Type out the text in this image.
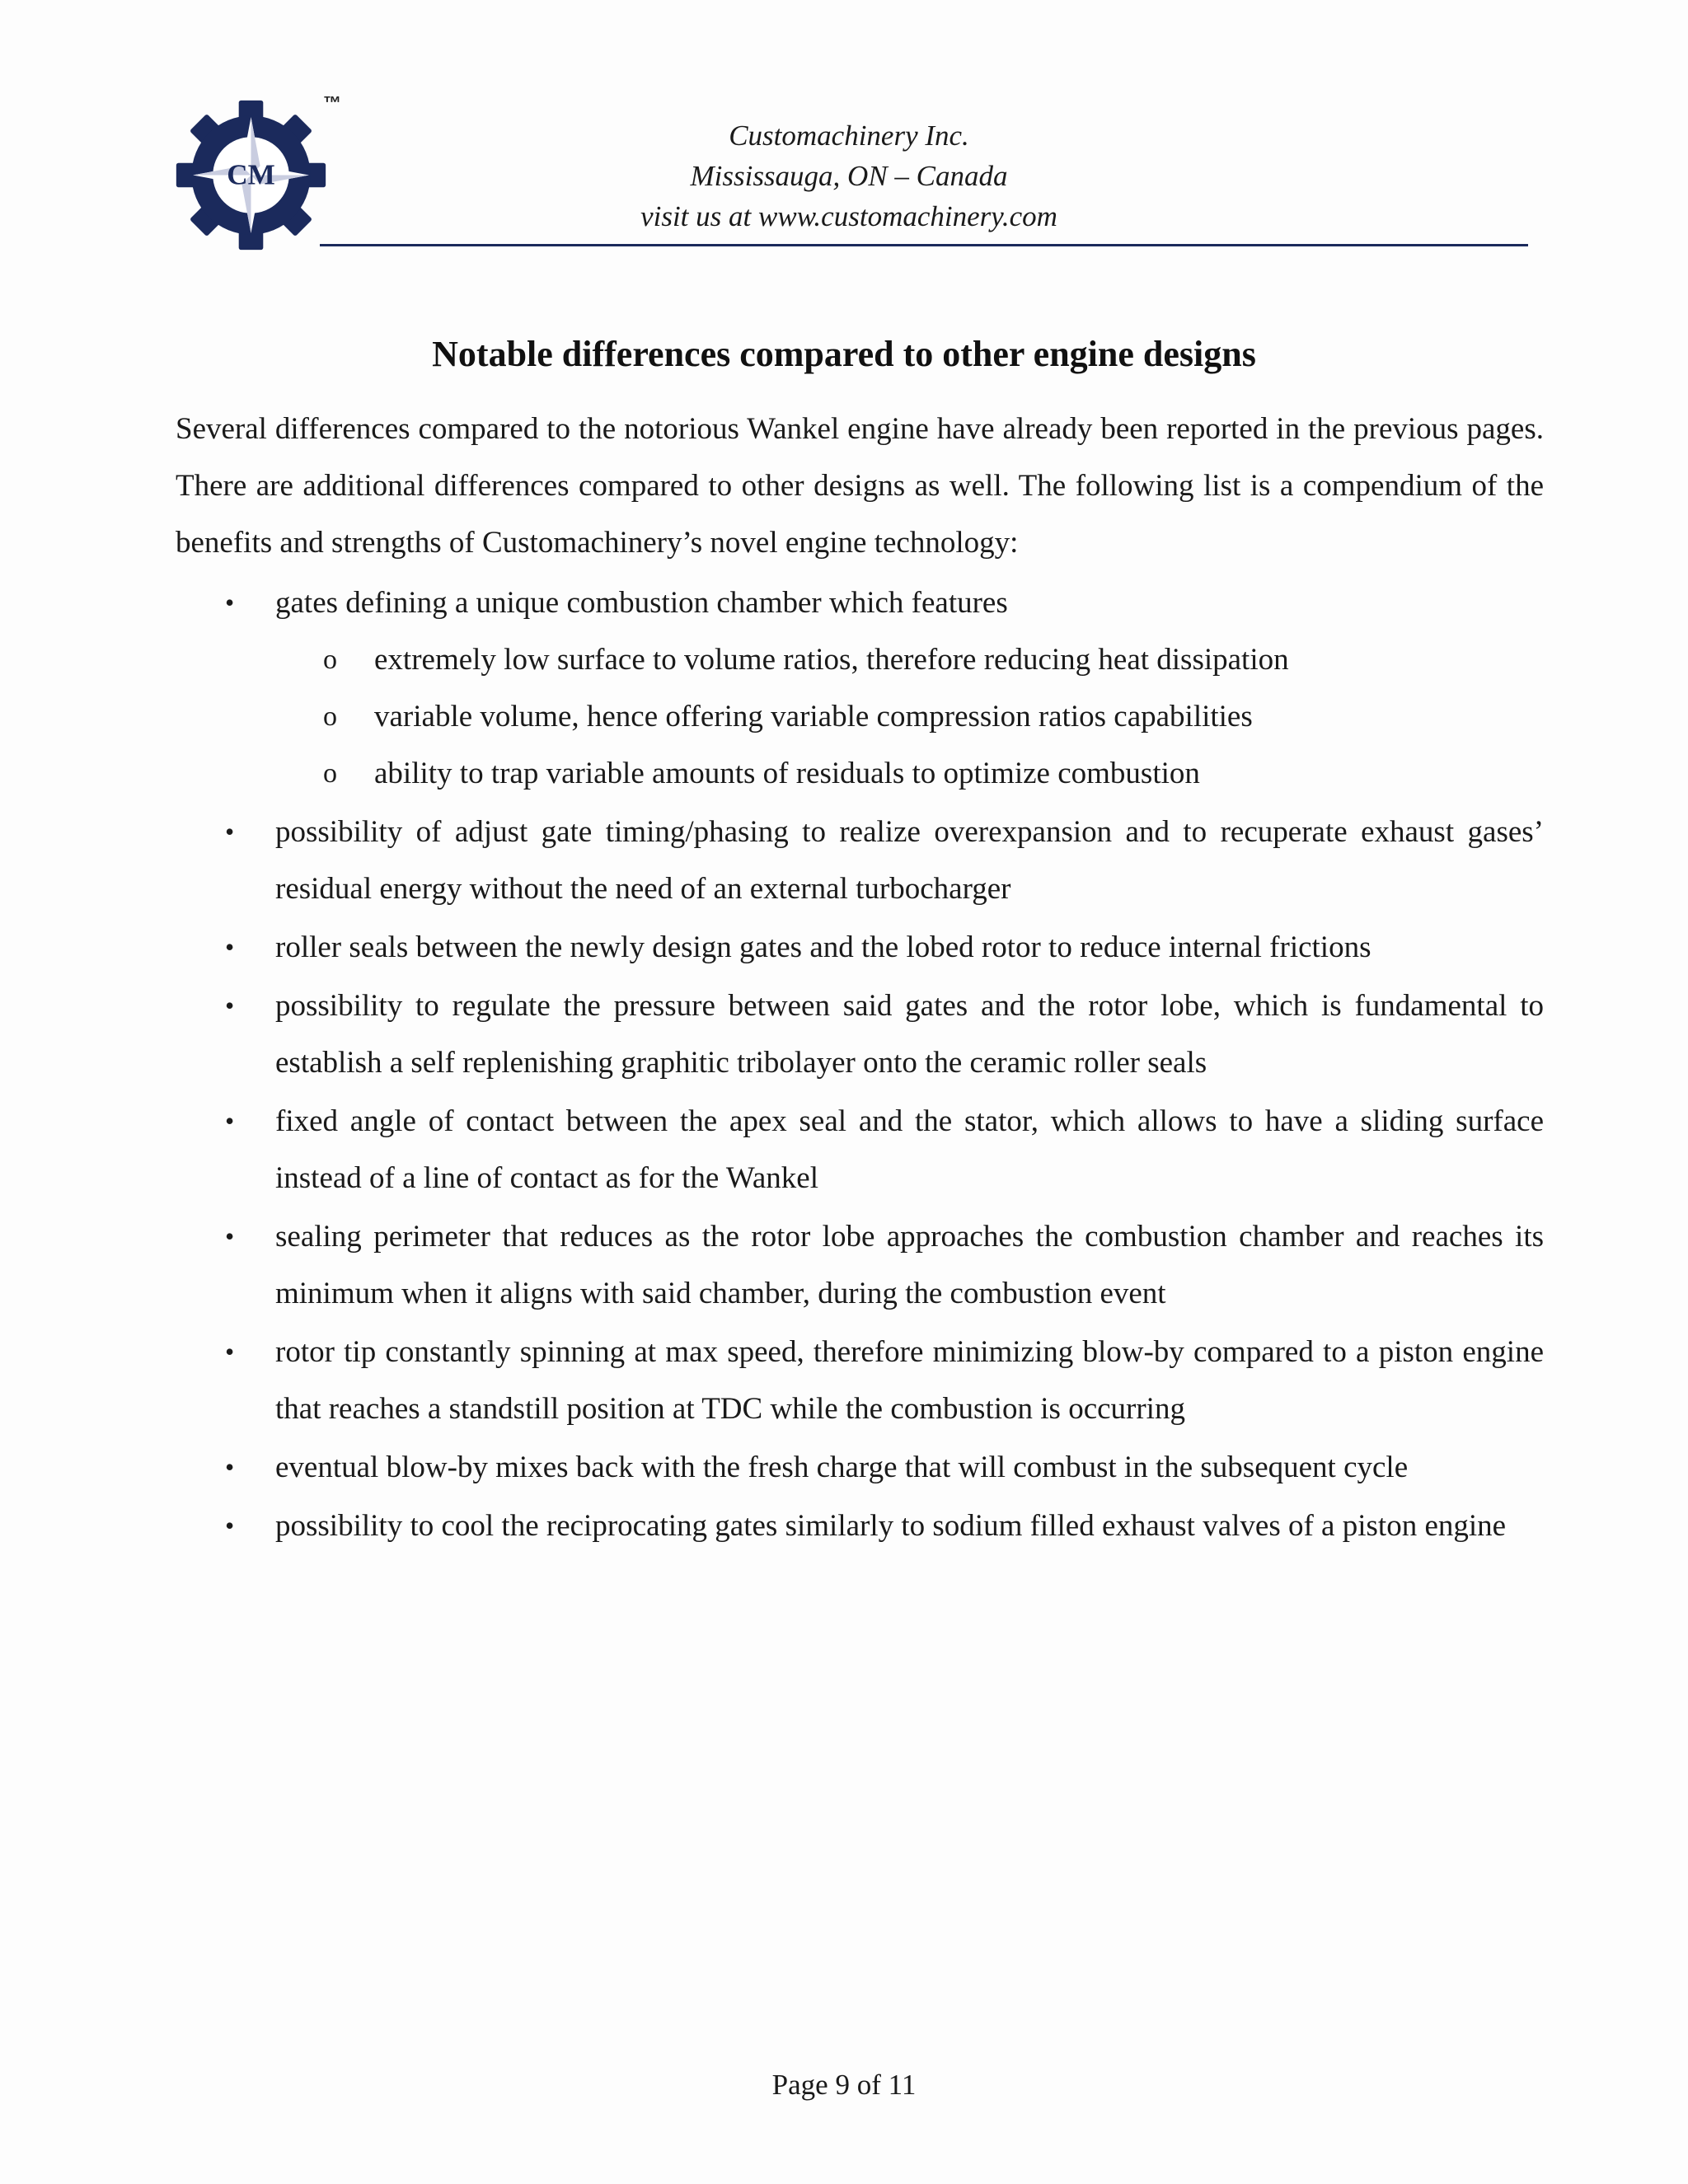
CM
™
Customachinery Inc.
Mississauga, ON – Canada
visit us at www.customachinery.com
Notable differences compared to other engine designs

Several differences compared to the notorious Wankel engine have already been reported in the previous pages. There are additional differences compared to other designs as well. The following list is a compendium of the benefits and strengths of Customachinery’s novel engine technology:

• gates defining a unique combustion chamber which features
o extremely low surface to volume ratios, therefore reducing heat dissipation
o variable volume, hence offering variable compression ratios capabilities
o ability to trap variable amounts of residuals to optimize combustion
• possibility of adjust gate timing/phasing to realize overexpansion and to recuperate exhaust gases’ residual energy without the need of an external turbocharger
• roller seals between the newly design gates and the lobed rotor to reduce internal frictions
• possibility to regulate the pressure between said gates and the rotor lobe, which is fundamental to establish a self replenishing graphitic tribolayer onto the ceramic roller seals
• fixed angle of contact between the apex seal and the stator, which allows to have a sliding surface instead of a line of contact as for the Wankel
• sealing perimeter that reduces as the rotor lobe approaches the combustion chamber and reaches its minimum when it aligns with said chamber, during the combustion event
• rotor tip constantly spinning at max speed, therefore minimizing blow-by compared to a piston engine that reaches a standstill position at TDC while the combustion is occurring
• eventual blow-by mixes back with the fresh charge that will combust in the subsequent cycle
• possibility to cool the reciprocating gates similarly to sodium filled exhaust valves of a piston engine
Page 9 of 11
